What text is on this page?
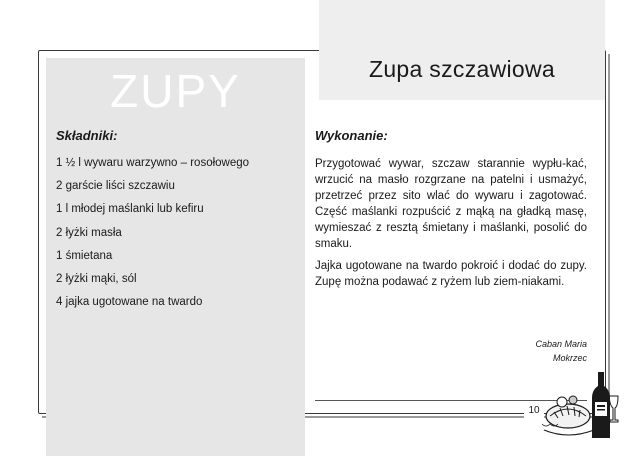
ZUPY
Składniki:
1 ½ l wywaru warzywno – rosołowego
2 garście liści szczawiu
1 l młodej maślanki lub kefiru
2 łyżki masła
1 śmietana
2 łyżki mąki, sól
4 jajka ugotowane na twardo
Zupa szczawiowa
Wykonanie:

Przygotować wywar, szczaw starannie wypłu-kać, wrzucić na masło rozgrzane na patelni i usmażyć, przetrzeć przez sito wlać do wywaru i zagotować. Część maślanki rozpuścić z mąką na gładką masę, wymieszać z resztą śmietany i maślanki, posolić do smaku.

Jajka ugotowane na twardo pokroić i dodać do zupy. Zupę można podawać z ryżem lub ziem-niakami.

Caban Maria
Mokrzec
10
